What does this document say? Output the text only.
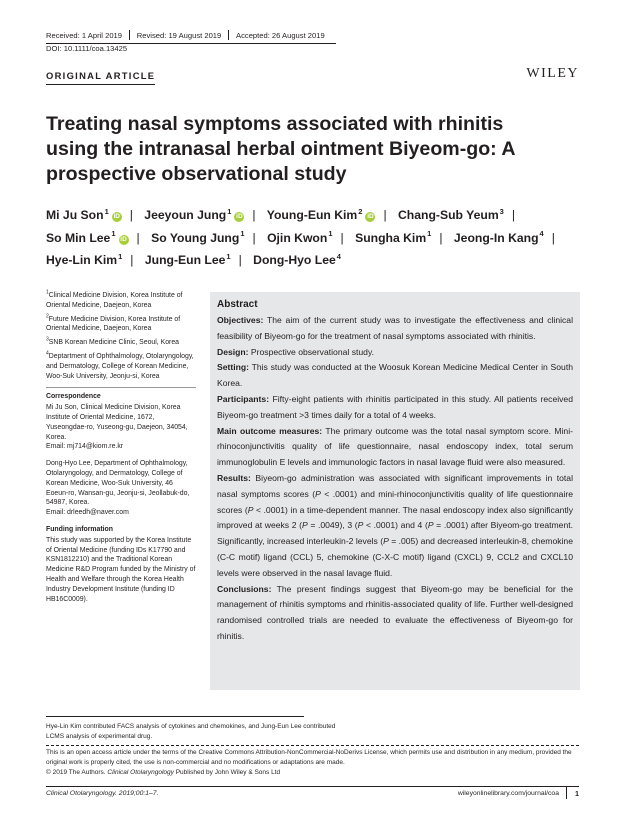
Received: 1 April 2019 Revised: 19 August 2019 Accepted: 26 August 2019
DOI: 10.1111/coa.13425
ORIGINAL ARTICLE	WILEY
Treating nasal symptoms associated with rhinitis using the intranasal herbal ointment Biyeom-go: A prospective observational study
Mi Ju Son$^1$iD | Jeeyoun Jung$^1$iD | Young-Eun Kim$^2$iD | Chang-Sub Yeum$^3$ | So Min Lee$^1$iD | So Young Jung$^1$ | Ojin Kwon$^1$ | Sungha Kim$^1$ | Jeong-In Kang$^4$ | Hye-Lin Kim$^1$ | Jung-Eun Lee$^1$ | Dong-Hyo Lee$^4$
$^1$Clinical Medicine Division, Korea Institute of Oriental Medicine, Daejeon, Korea
$^2$Future Medicine Division, Korea Institute of Oriental Medicine, Daejeon, Korea
$^3$SNB Korean Medicine Clinic, Seoul, Korea
$^4$Deptartment of Ophthalmology, Otolaryngology, and Dermatology, College of Korean Medicine, Woo-Suk University, Jeonju-si, Korea
Correspondence
Mi Ju Son, Clinical Medicine Division, Korea Institute of Oriental Medicine, 1672, Yuseongdae-ro, Yuseong-gu, Daejeon, 34054, Korea.
Email: mj714@kiom.re.kr
Dong-Hyo Lee, Department of Ophthalmology, Otolaryngology, and Dermatology, College of Korean Medicine, Woo-Suk University, 46 Eoeun-ro, Wansan-gu, Jeonju-si, Jeollabuk-do, 54987, Korea.
Email: drleedh@naver.com
Funding information
This study was supported by the Korea Institute of Oriental Medicine (funding IDs K17790 and KSN1812210) and the Traditional Korean Medicine R&D Program funded by the Ministry of Health and Welfare through the Korea Health Industry Development Institute (funding ID HB16C0009).
Abstract

Objectives: The aim of the current study was to investigate the effectiveness and clinical feasibility of Biyeom-go for the treatment of nasal symptoms associated with rhinitis.

Design: Prospective observational study.

Setting: This study was conducted at the Woosuk Korean Medicine Medical Center in South Korea.

Participants: Fifty-eight patients with rhinitis participated in this study. All patients received Biyeom-go treatment >3 times daily for a total of 4 weeks.

Main outcome measures: The primary outcome was the total nasal symptom score. Mini-rhinoconjunctivitis quality of life questionnaire, nasal endoscopy index, total serum immunoglobulin E levels and immunologic factors in nasal lavage fluid were also measured.

Results: Biyeom-go administration was associated with significant improvements in total nasal symptoms scores (P < .0001) and mini-rhinoconjunctivitis quality of life questionnaire scores (P < .0001) in a time-dependent manner. The nasal endoscopy index also significantly improved at weeks 2 (P = .0049), 3 (P < .0001) and 4 (P = .0001) after Biyeom-go treatment. Significantly, increased interleukin-2 levels (P = .005) and decreased interleukin-8, chemokine (C-C motif) ligand (CCL) 5, chemokine (C-X-C motif) ligand (CXCL) 9, CCL2 and CXCL10 levels were observed in the nasal lavage fluid.

Conclusions: The present findings suggest that Biyeom-go may be beneficial for the management of rhinitis symptoms and rhinitis-associated quality of life. Further well-designed randomised controlled trials are needed to evaluate the effectiveness of Biyeom-go for rhinitis.

Hye-Lin Kim contributed FACS analysis of cytokines and chemokines, and Jung-Eun Lee contributed LCMS analysis of experimental drug.
This is an open access article under the terms of the Creative Commons Attribution-NonCommercial-NoDerivs License, which permits use and distribution in any medium, provided the original work is properly cited, the use is non-commercial and no modifications or adaptations are made.
© 2019 The Authors. Clinical Otolaryngology Published by John Wiley & Sons Ltd
Clinical Otolaryngology. 2019;00:1–7.	wileyonlinelibrary.com/journal/coa 1
